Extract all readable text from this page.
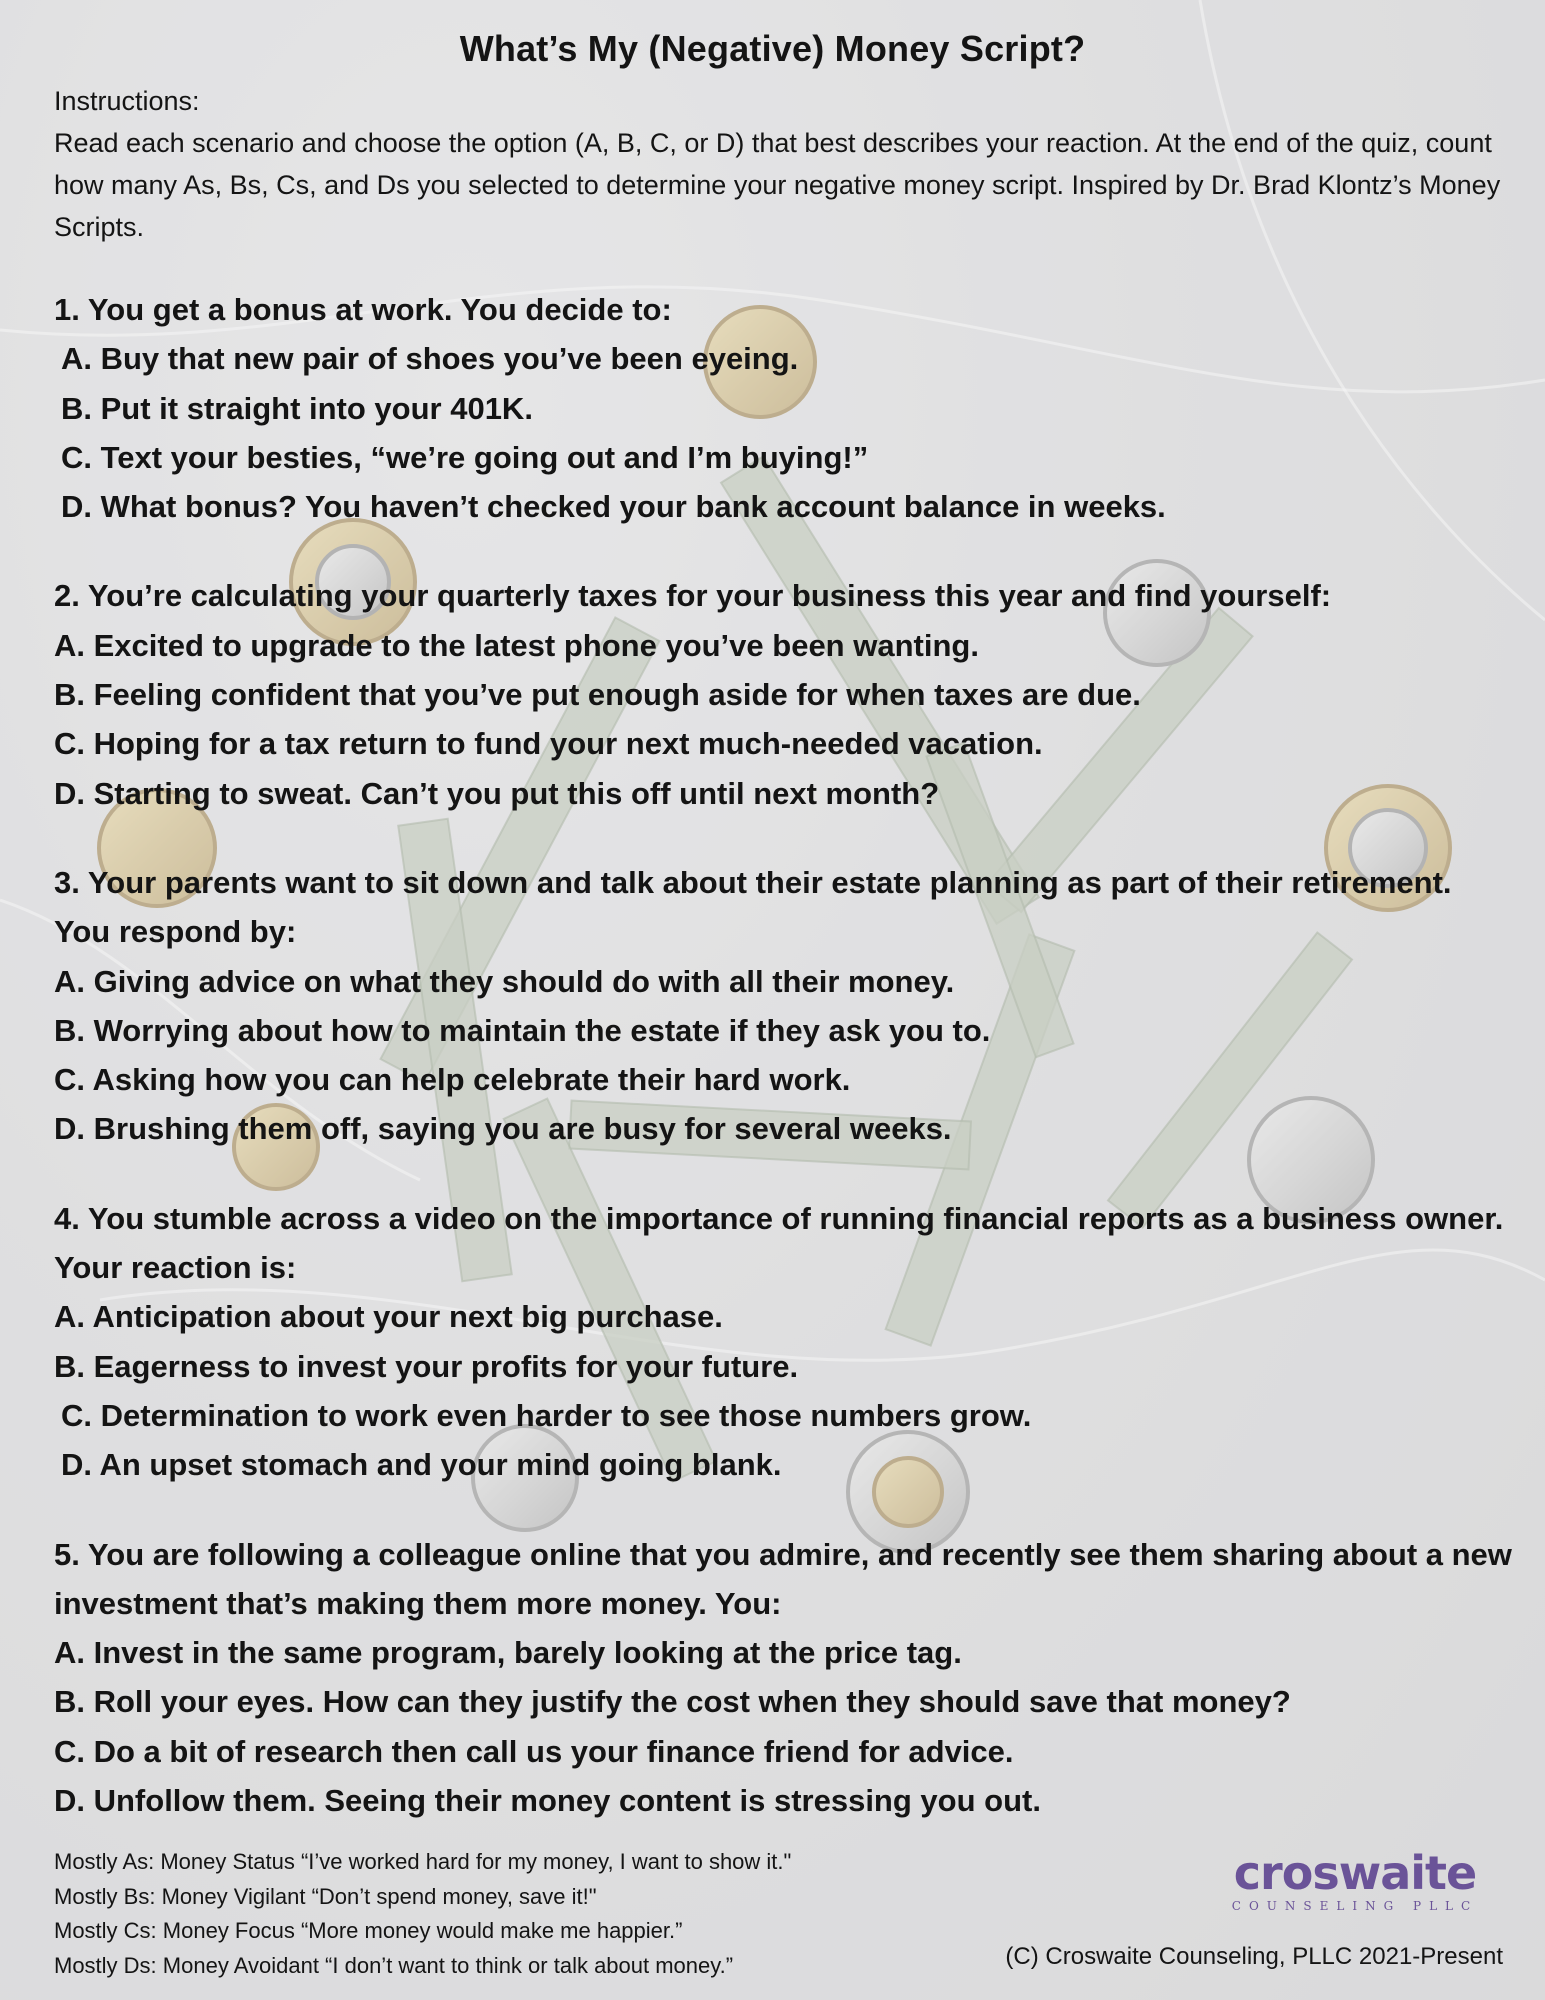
What’s My (Negative) Money Script?

Instructions:

Read each scenario and choose the option (A, B, C, or D) that best describes your reaction. At the end of the quiz, count how many As, Bs, Cs, and Ds you selected to determine your negative money script. Inspired by Dr. Brad Klontz’s Money Scripts.

1. You get a bonus at work. You decide to:

A. Buy that new pair of shoes you’ve been eyeing.

B. Put it straight into your 401K.

C. Text your besties, “we’re going out and I’m buying!”

D. What bonus? You haven’t checked your bank account balance in weeks.

2. You’re calculating your quarterly taxes for your business this year and find yourself:

A. Excited to upgrade to the latest phone you’ve been wanting.

B. Feeling confident that you’ve put enough aside for when taxes are due.

C. Hoping for a tax return to fund your next much-needed vacation.

D. Starting to sweat. Can’t you put this off until next month?

3. Your parents want to sit down and talk about their estate planning as part of their retirement. You respond by:

A. Giving advice on what they should do with all their money.

B. Worrying about how to maintain the estate if they ask you to.

C. Asking how you can help celebrate their hard work.

D. Brushing them off, saying you are busy for several weeks.

4. You stumble across a video on the importance of running financial reports as a business owner. Your reaction is:

A. Anticipation about your next big purchase.

B. Eagerness to invest your profits for your future.

C. Determination to work even harder to see those numbers grow.

D. An upset stomach and your mind going blank.

5. You are following a colleague online that you admire, and recently see them sharing about a new investment that’s making them more money. You:

A. Invest in the same program, barely looking at the price tag.

B. Roll your eyes. How can they justify the cost when they should save that money?

C. Do a bit of research then call us your finance friend for advice.

D. Unfollow them. Seeing their money content is stressing you out.

Mostly As: Money Status “I’ve worked hard for my money, I want to show it."

Mostly Bs: Money Vigilant “Don’t spend money, save it!"

Mostly Cs: Money Focus “More money would make me happier.”

Mostly Ds: Money Avoidant “I don’t want to think or talk about money.”

croswaite
COUNSELING PLLC
(C) Croswaite Counseling, PLLC 2021-Present
